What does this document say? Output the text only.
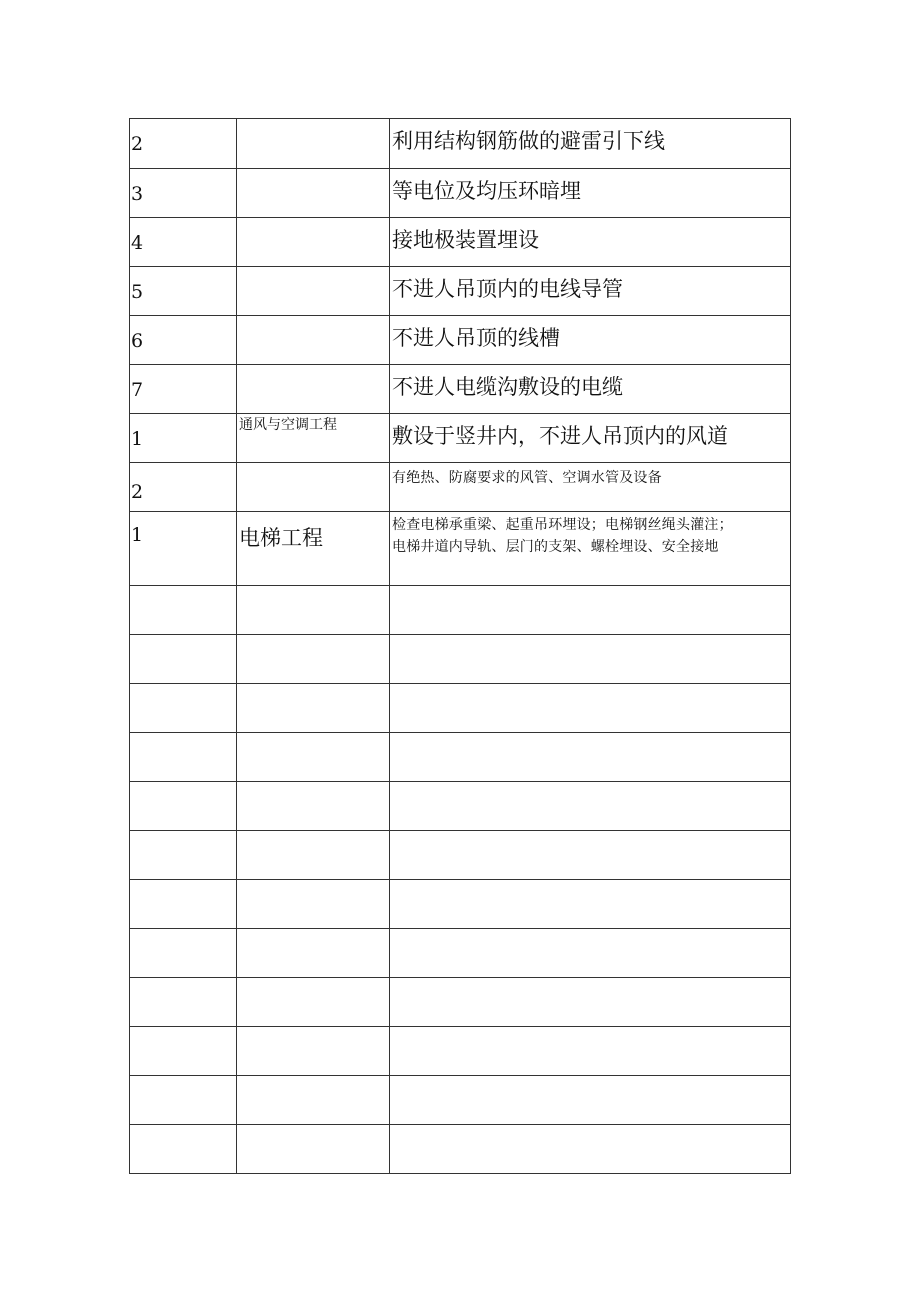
2		利用结构钢筋做的避雷引下线
3		等电位及均压环暗埋
4		接地极装置埋设
5		不进人吊顶内的电线导管
6		不进人吊顶的线槽
7		不进人电缆沟敷设的电缆
1	通风与空调工程	敷设于竖井内，不进人吊顶内的风道
2		有绝热、防腐要求的风管、空调水管及设备
1	电梯工程	检查电梯承重梁、起重吊环埋设；电梯钢丝绳头灌注；
电梯井道内导轨、层门的支架、螺栓埋设、安全接地
